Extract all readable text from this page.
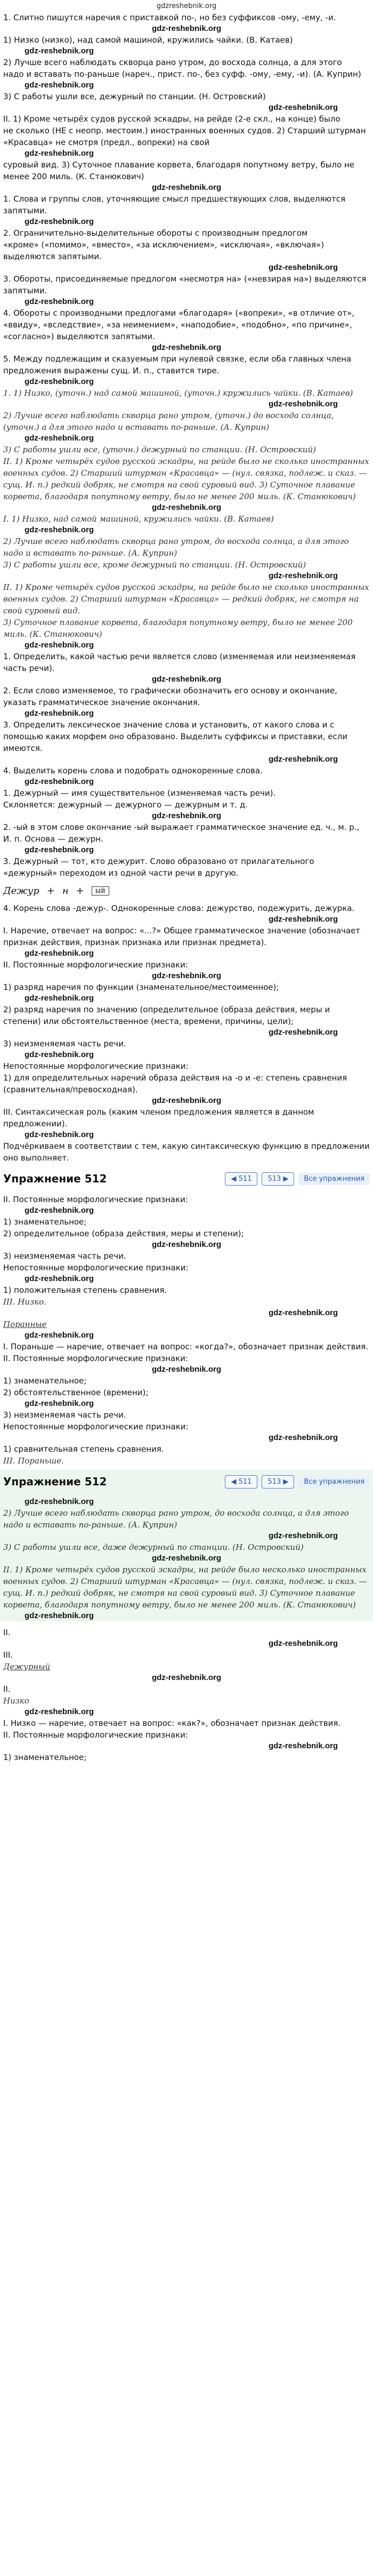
gdzreshebnik.org

1. Слитно пишутся наречия с приставкой по-, но без суффиксов -ому, -ему, -и.

gdz-reshebnik.org

1) Низко (низко), над самой машиной, кружились чайки. (В. Катаев)

gdz-reshebnik.org

2) Лучше всего наблюдать скворца рано утром, до восхода солнца, а для этого

надо и вставать по-раньше (нареч., прист. по-, без суфф. -ому, -ему, -и). (А. Куприн)

gdz-reshebnik.org

3) С работы ушли все, дежурный по станции. (Н. Островский)

gdz-reshebnik.org

II. 1) Кроме четырёх судов русской эскадры, на рейде (2-е скл., на конце) было

не сколько (НЕ с неопр. местоим.) иностранных военных судов. 2) Старший штурман «Красавца» не смотря (предл., вопреки) на свой

gdz-reshebnik.org

суровый вид. 3) Суточное плавание корвета, благодаря попутному ветру, было не менее 200 миль. (К. Станюкович)

gdz-reshebnik.org

1. Слова и группы слов, уточняющие смысл предшествующих слов, выделяются запятыми.

gdz-reshebnik.org

2. Ограничительно-выделительные обороты с производным предлогом

«кроме» («помимо», «вместо», «за исключением», «исключая», «включая») выделяются запятыми.

gdz-reshebnik.org

3. Обороты, присоединяемые предлогом «несмотря на» («невзирая на») выделяются запятыми.

gdz-reshebnik.org

4. Обороты с производными предлогами «благодаря» («вопреки», «в отличие от», «ввиду», «вследствие», «за неимением», «наподобие», «подобно», «по причине», «согласно») выделяются запятыми.

gdz-reshebnik.org

5. Между подлежащим и сказуемым при нулевой связке, если оба главных члена предложения выражены сущ. И. п., ставится тире.

gdz-reshebnik.org

1. 1) Низко, (уточн.) над самой машиной, (уточн.) кружились чайки. (В. Катаев)

gdz-reshebnik.org

2) Лучше всего наблюдать скворца рано утром, (уточн.) до восхода солнца, (уточн.) а для этого надо и вставать по-раньше. (А. Куприн)

gdz-reshebnik.org

3) С работы ушли все, (уточн.) дежурный по станции. (Н. Островский)

II. 1) Кроме четырёх судов русской эскадры, на рейде было не сколько иностранных военных судов. 2) Старший штурман «Красавца» — (нул. связка, подлеж. и сказ. — сущ. И. п.) редкий добряк, не смотря на свой суровый вид. 3) Суточное плавание корвета, благодаря попутному ветру, было не менее 200 миль. (К. Станюкович)

gdz-reshebnik.org

I. 1) Низко, над самой машиной, кружились чайки. (В. Катаев)

gdz-reshebnik.org

2) Лучше всего наблюдать скворца рано утром, до восхода солнца, а для этого надо и вставать по-раньше. (А. Куприн)

3) С работы ушли все, кроме дежурный по станции. (Н. Островский)

gdz-reshebnik.org

II. 1) Кроме четырёх судов русской эскадры, на рейде было не сколько иностранных военных судов. 2) Старший штурман «Красавца» — редкий добряк, не смотря на свой суровый вид.

3) Суточное плавание корвета, благодаря попутному ветру, было не менее 200 миль. (К. Станюкович)

gdz-reshebnik.org

1. Определить, какой частью речи является слово (изменяемая или неизменяемая часть речи).

gdz-reshebnik.org

2. Если слово изменяемое, то графически обозначить его основу и окончание, указать грамматическое значение окончания.

gdz-reshebnik.org

3. Определить лексическое значение слова и установить, от какого слова и с помощью каких морфем оно образовано. Выделить суффиксы и приставки, если имеются.

gdz-reshebnik.org

4. Выделить корень слова и подобрать однокоренные слова.

gdz-reshebnik.org

1. Дежурный — имя существительное (изменяемая часть речи).

Склоняется: дежурный — дежурного — дежурным и т. д.

gdz-reshebnik.org

2. -ый в этом слове окончание -ый выражает грамматическое значение ед. ч., м. р., И. п. Основа — дежурн.

gdz-reshebnik.org

3. Дежурный — тот, кто дежурит. Слово образовано от прилагательного «дежурный» переходом из одной части речи в другую.

Дежур + н +	ый

4. Корень слова -дежур-. Однокоренные слова: дежурство, подежурить, дежурка.

gdz-reshebnik.org

I. Наречие, отвечает на вопрос: «...?» Общее грамматическое значение (обозначает признак действия, признак признака или признак предмета).

gdz-reshebnik.org

II. Постоянные морфологические признаки:

gdz-reshebnik.org

1) разряд наречия по функции (знаменательное/местоименное);

gdz-reshebnik.org

2) разряд наречия по значению (определительное (образа действия, меры и степени) или обстоятельственное (места, времени, причины, цели);

gdz-reshebnik.org

3) неизменяемая часть речи.

gdz-reshebnik.org

Непостоянные морфологические признаки:

1) для определительных наречий образа действия на -о и -е: степень сравнения (сравнительная/превосходная).

gdz-reshebnik.org

III. Синтаксическая роль (каким членом предложения является в данном предложении).

gdz-reshebnik.org

Подчёркиваем в соответствии с тем, какую синтаксическую функцию в предложении оно выполняет.

Упражнение 512	◀ 511	513 ▶	Все упражнения

II. Постоянные морфологические признаки:

gdz-reshebnik.org

1) знаменательное;

2) определительное (образа действия, меры и степени);

gdz-reshebnik.org

3) неизменяемая часть речи.

Непостоянные морфологические признаки:

gdz-reshebnik.org

1) положительная степень сравнения.

III. Низко.

gdz-reshebnik.org

Поранные

gdz-reshebnik.org

I. Пораньше — наречие, отвечает на вопрос: «когда?», обозначает признак действия.

II. Постоянные морфологические признаки:

gdz-reshebnik.org

1) знаменательное;

2) обстоятельственное (времени);

gdz-reshebnik.org

3) неизменяемая часть речи.

Непостоянные морфологические признаки:

gdz-reshebnik.org

1) сравнительная степень сравнения.

III. Пораньше.

Упражнение 512	◀ 511	513 ▶	Все упражнения
gdz-reshebnik.org

2) Лучше всего наблюдать скворца рано утром, до восхода солнца, а для этого надо и вставать по-раньше. (А. Куприн)

gdz-reshebnik.org

3) С работы ушли все, даже дежурный по станции. (Н. Островский)

gdz-reshebnik.org

II. 1) Кроме четырёх судов русской эскадры, на рейде было несколько иностранных военных судов. 2) Старший штурман «Красавца» — (нул. связка, подлеж. и сказ. — сущ. И. п.) редкий добряк, не смотря на свой суровый вид. 3) Суточное плавание корвета, благодаря попутному ветру, было не менее 200 миль. (К. Станюкович)

gdz-reshebnik.org

II.

gdz-reshebnik.org

III.

Дежурный

gdz-reshebnik.org

II.

Низко

gdz-reshebnik.org

I. Низко — наречие, отвечает на вопрос: «как?», обозначает признак действия.

II. Постоянные морфологические признаки:

gdz-reshebnik.org

1) знаменательное;
